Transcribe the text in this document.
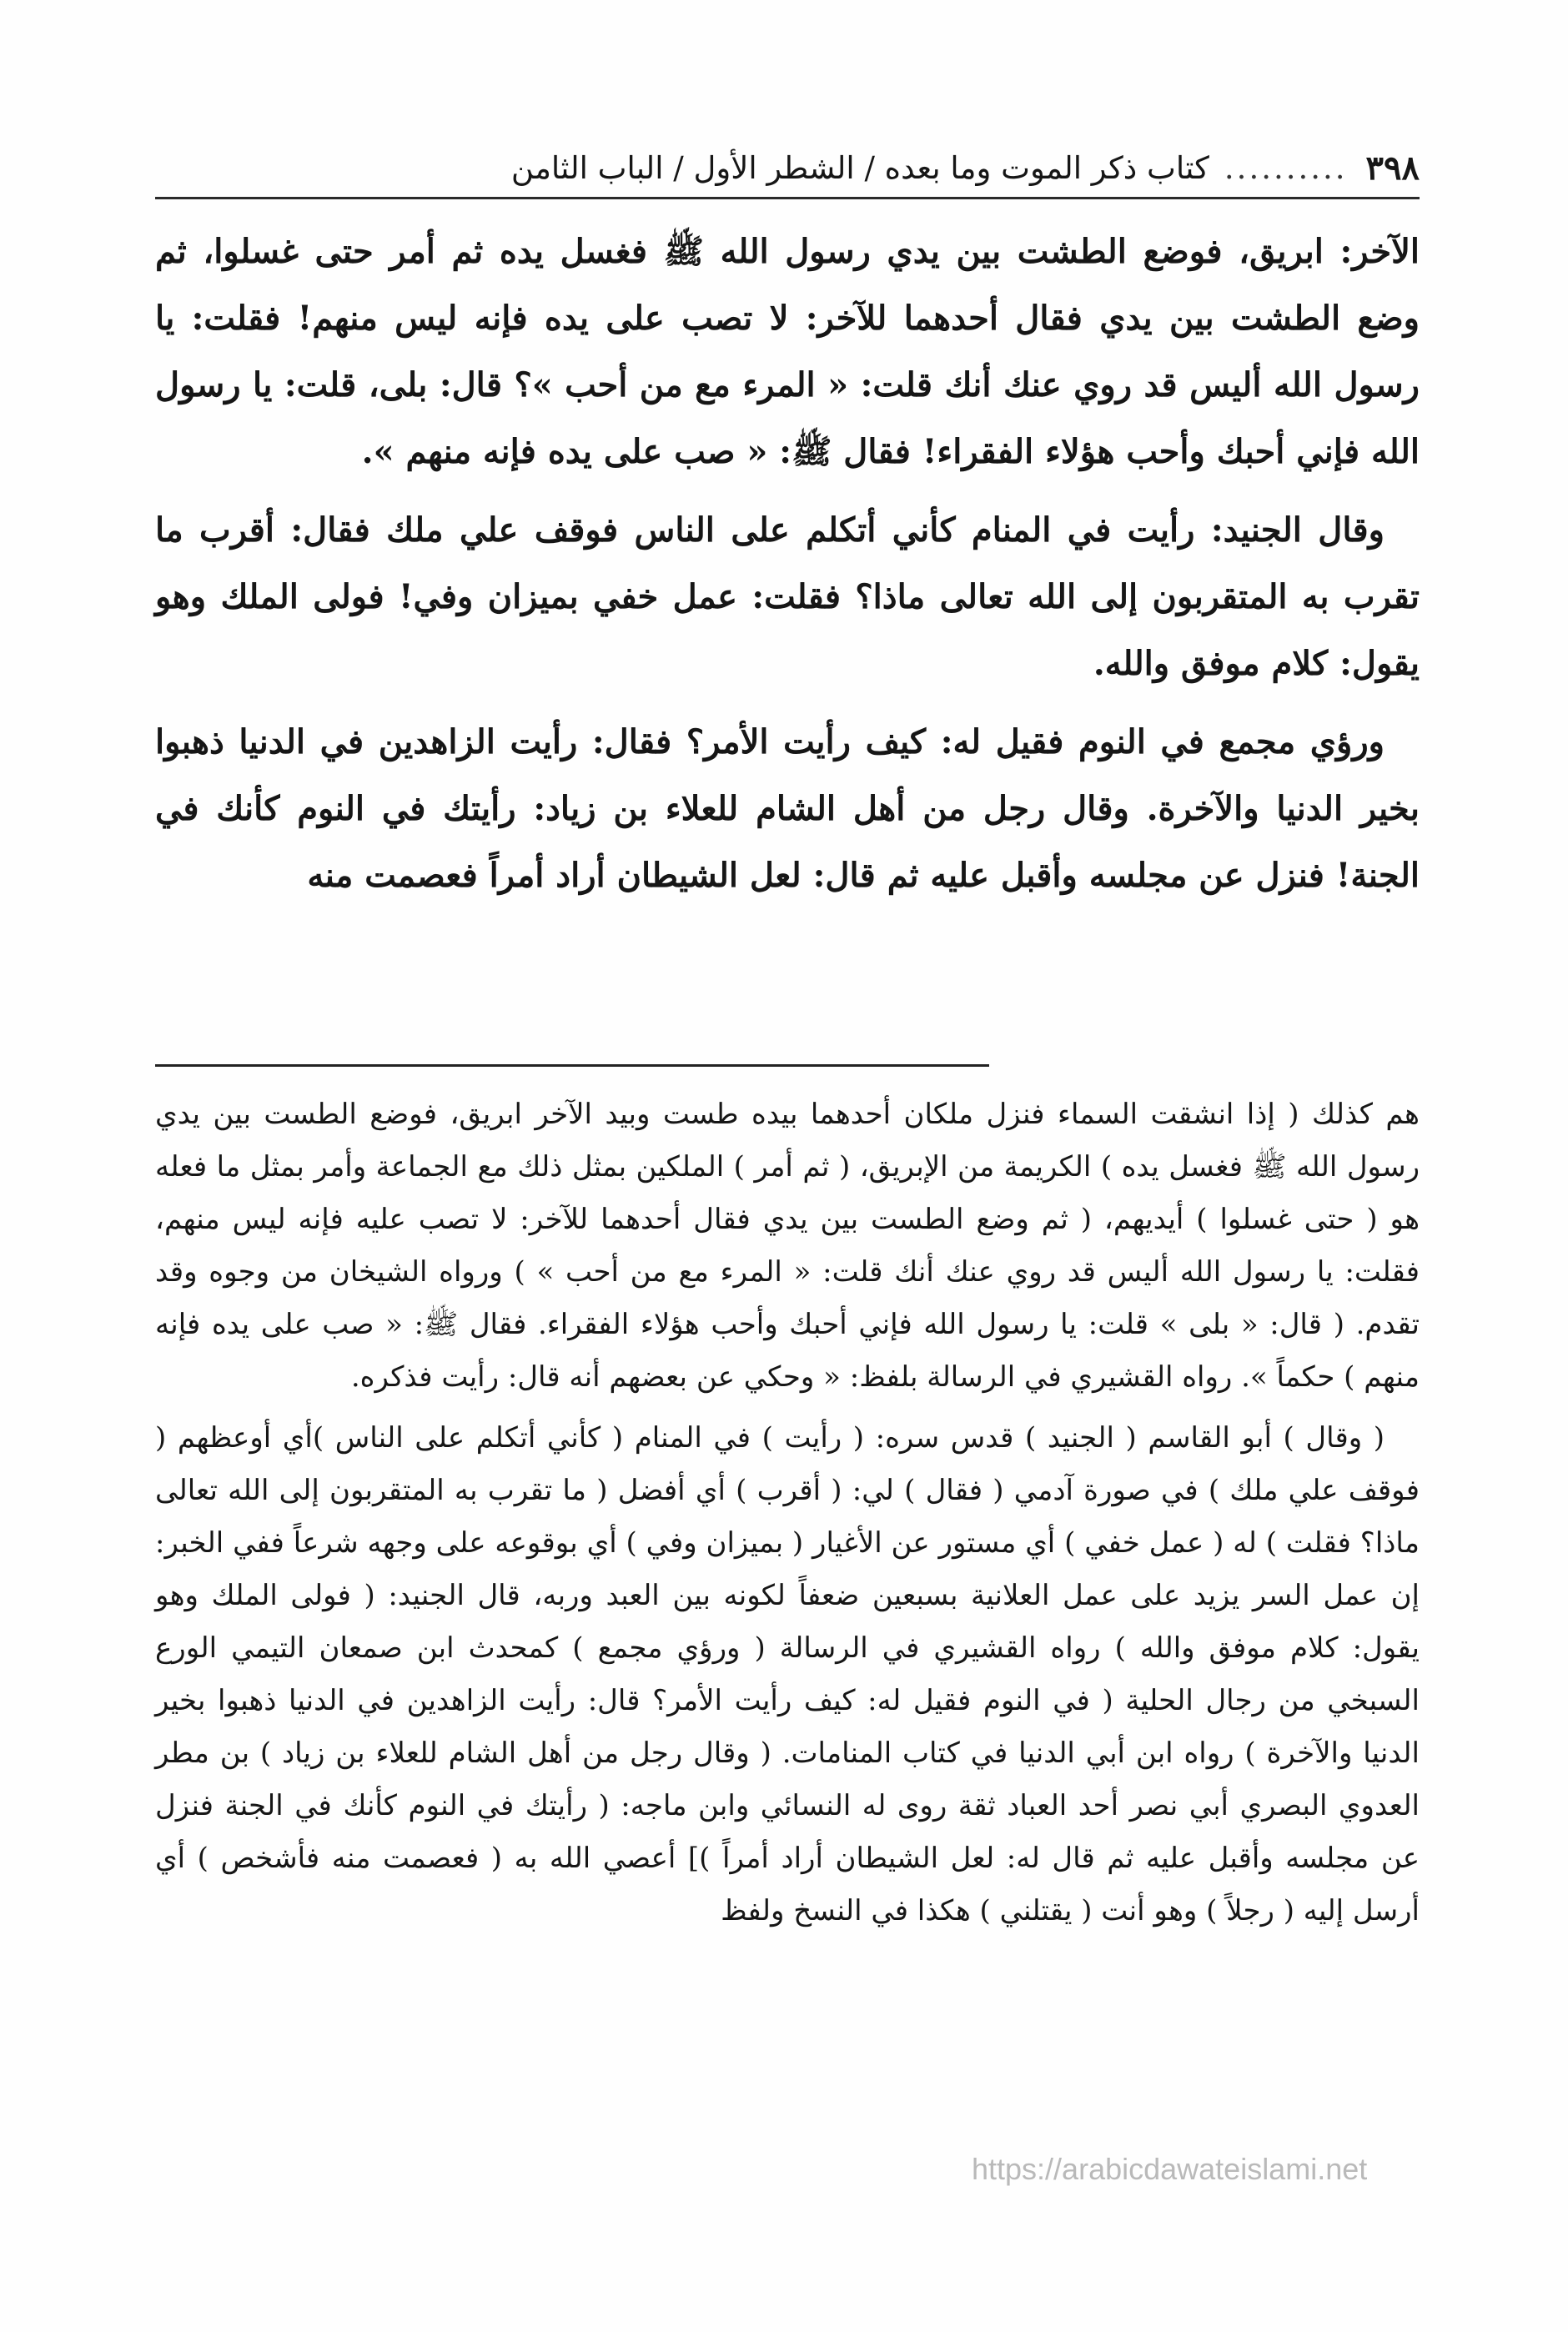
٣٩٨
..........
كتاب ذكر الموت وما بعده / الشطر الأول / الباب الثامن

الآخر: ابريق، فوضع الطشت بين يدي رسول الله ﷺ فغسل يده ثم أمر حتى غسلوا، ثم وضع الطشت بين يدي فقال أحدهما للآخر: لا تصب على يده فإنه ليس منهم! فقلت: يا رسول الله أليس قد روي عنك أنك قلت: « المرء مع من أحب »؟ قال: بلى، قلت: يا رسول الله فإني أحبك وأحب هؤلاء الفقراء! فقال ﷺ: « صب على يده فإنه منهم ».

وقال الجنيد: رأيت في المنام كأني أتكلم على الناس فوقف علي ملك فقال: أقرب ما تقرب به المتقربون إلى الله تعالى ماذا؟ فقلت: عمل خفي بميزان وفي! فولى الملك وهو يقول: كلام موفق والله.

ورؤي مجمع في النوم فقيل له: كيف رأيت الأمر؟ فقال: رأيت الزاهدين في الدنيا ذهبوا بخير الدنيا والآخرة. وقال رجل من أهل الشام للعلاء بن زياد: رأيتك في النوم كأنك في الجنة! فنزل عن مجلسه وأقبل عليه ثم قال: لعل الشيطان أراد أمراً فعصمت منه

هم كذلك ( إذا انشقت السماء فنزل ملكان أحدهما بيده طست وبيد الآخر ابريق، فوضع الطست بين يدي رسول الله ﷺ فغسل يده ) الكريمة من الإبريق، ( ثم أمر ) الملكين بمثل ذلك مع الجماعة وأمر بمثل ما فعله هو ( حتى غسلوا ) أيديهم، ( ثم وضع الطست بين يدي فقال أحدهما للآخر: لا تصب عليه فإنه ليس منهم، فقلت: يا رسول الله أليس قد روي عنك أنك قلت: « المرء مع من أحب » ) ورواه الشيخان من وجوه وقد تقدم. ( قال: « بلى » قلت: يا رسول الله فإني أحبك وأحب هؤلاء الفقراء. فقال ﷺ: « صب على يده فإنه منهم ) حكماً ». رواه القشيري في الرسالة بلفظ: « وحكي عن بعضهم أنه قال: رأيت فذكره.

( وقال ) أبو القاسم ( الجنيد ) قدس سره: ( رأيت ) في المنام ( كأني أتكلم على الناس )أي أوعظهم ( فوقف علي ملك ) في صورة آدمي ( فقال ) لي: ( أقرب ) أي أفضل ( ما تقرب به المتقربون إلى الله تعالى ماذا؟ فقلت ) له ( عمل خفي ) أي مستور عن الأغيار ( بميزان وفي ) أي بوقوعه على وجهه شرعاً ففي الخبر: إن عمل السر يزيد على عمل العلانية بسبعين ضعفاً لكونه بين العبد وربه، قال الجنيد: ( فولى الملك وهو يقول: كلام موفق والله ) رواه القشيري في الرسالة ( ورؤي مجمع ) كمحدث ابن صمعان التيمي الورع السبخي من رجال الحلية ( في النوم فقيل له: كيف رأيت الأمر؟ قال: رأيت الزاهدين في الدنيا ذهبوا بخير الدنيا والآخرة ) رواه ابن أبي الدنيا في كتاب المنامات. ( وقال رجل من أهل الشام للعلاء بن زياد ) بن مطر العدوي البصري أبي نصر أحد العباد ثقة روى له النسائي وابن ماجه: ( رأيتك في النوم كأنك في الجنة فنزل عن مجلسه وأقبل عليه ثم قال له: لعل الشيطان أراد أمراً )] أعصي الله به ( فعصمت منه فأشخص ) أي أرسل إليه ( رجلاً ) وهو أنت ( يقتلني ) هكذا في النسخ ولفظ

https://arabicdawateislami.net
